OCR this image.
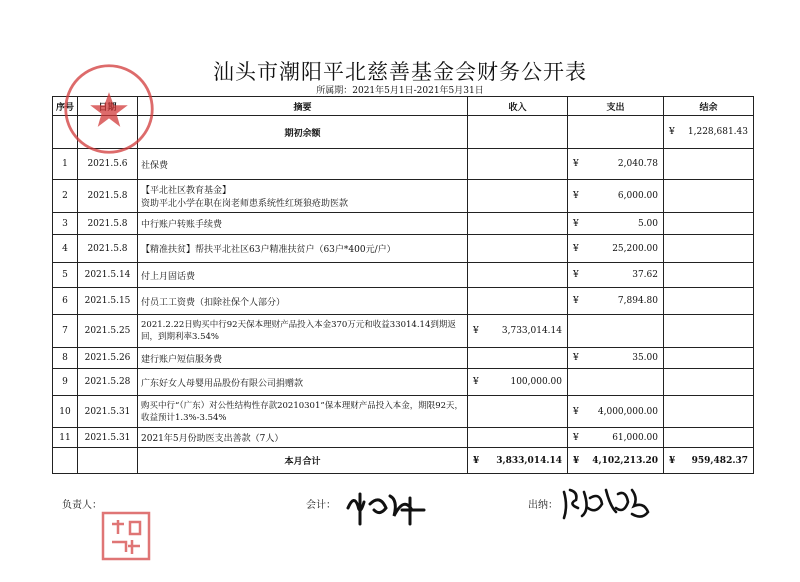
汕头市潮阳平北慈善基金会财务公开表
所属期：2021年5月1日-2021年5月31日
序号		摘要	收入	支出	结余
		期初余额			¥ 1,228,681.43

1	2021.5.6	社保费		¥ 2,040.78	

2	2021.5.8	【平北社区教育基金】
资助平北小学在职在岗老师患系统性红斑狼疮助医款		¥ 6,000.00	

3	2021.5.8	中行账户转账手续费		¥ 5.00	

4	2021.5.8	【精准扶贫】帮扶平北社区63户精准扶贫户（63户*400元/户）		¥ 25,200.00	

5	2021.5.14	付上月固话费		¥ 37.62	

6	2021.5.15	付员工工资费（扣除社保个人部分）		¥ 7,894.80	

7	2021.5.25	2021.2.22日购买中行92天保本理财产品投入本金370万元和收益33014.14到期返回，到期利率3.54%	¥ 3,733,014.14		

8	2021.5.26	建行账户短信服务费		¥ 35.00	

9	2021.5.28	广东好女人母婴用品股份有限公司捐赠款	¥ 100,000.00		

10	2021.5.31	购买中行“（广东）对公性结构性存款20210301”保本理财产品投入本金，期限92天，收益预计1.3%-3.54%		¥ 4,000,000.00	

11	2021.5.31	2021年5月份助医支出善款（7人）		¥ 61,000.00	

		本月合计	¥ 3,833,014.14	¥ 4,102,213.20	¥ 959,482.37
负责人：	会计：	出纳：
